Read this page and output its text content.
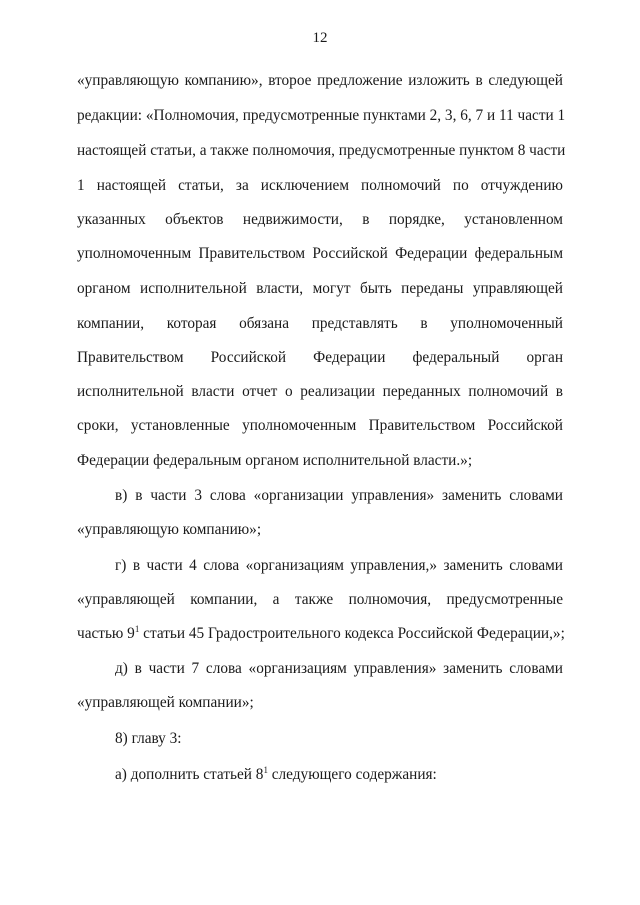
12
«управляющую компанию», второе предложение изложить в следующей
редакции: «Полномочия, предусмотренные пунктами 2, 3, 6, 7 и 11 части 1
настоящей статьи, а также полномочия, предусмотренные пунктом 8 части
1 настоящей статьи, за исключением полномочий по отчуждению
указанных объектов недвижимости, в порядке, установленном
уполномоченным Правительством Российской Федерации федеральным
органом исполнительной власти, могут быть переданы управляющей
компании, которая обязана представлять в уполномоченный
Правительством Российской Федерации федеральный орган
исполнительной власти отчет о реализации переданных полномочий в
сроки, установленные уполномоченным Правительством Российской
Федерации федеральным органом исполнительной власти.»;
в) в части 3 слова «организации управления» заменить словами
«управляющую компанию»;
г) в части 4 слова «организациям управления,» заменить словами
«управляющей компании, а также полномочия, предусмотренные
частью $9^1$ статьи 45 Градостроительного кодекса Российской Федерации,»;
д) в части 7 слова «организациям управления» заменить словами
«управляющей компании»;
8) главу 3:
а) дополнить статьей $8^1$ следующего содержания:
